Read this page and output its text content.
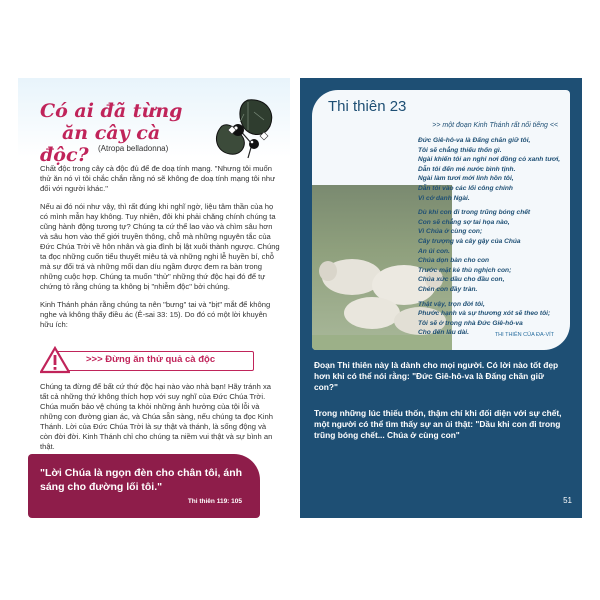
Có ai đã từng
ăn cây cà độc?	(Atropa belladonna)

Chất độc trong cây cà độc đủ để đe doạ tính mạng. "Nhưng tôi muốn thử ăn nó vì tôi chắc chắn rằng nó sẽ không đe doạ tính mạng tôi như đối với người khác."

Nếu ai đó nói như vậy, thì rất đúng khi nghĩ ngờ, liệu tâm thần của họ có mình mẫn hay không. Tuy nhiên, đôi khi phải chăng chính chúng ta cũng hành động tương tự? Chúng ta cứ thể lao vào và chìm sâu hơn và sâu hơn vào thế giới truyền thông, chỗ mà những nguyên tắc của Đức Chúa Trời về hôn nhân và gia đình bị lật xuôi thành ngược. Chúng ta đọc những cuốn tiểu thuyết miêu tả và những nghi lễ huyền bí, chỗ mà sự đổi trá và những mối dan díu ngầm được đem ra bàn trong những cuộc hợp. Chúng ta muốn "thử" những thứ độc hại đó để tự chứng tỏ rằng chúng ta không bị "nhiễm độc" bởi chúng.

Kinh Thánh phán rằng chúng ta nên "bưng" tai và "bịt" mắt để không nghe và không thấy điều ác (Ê-sai 33: 15). Do đó có một lời khuyên hữu ích:

>>> Đừng ăn thử quả cà độc

Chúng ta đừng để bất cứ thứ độc hại nào vào nhà bạn! Hãy tránh xa tất cả những thứ không thích hợp với suy nghĩ của Đức Chúa Trời. Chúa muốn bảo vệ chúng ta khỏi những ảnh hưởng của tội lỗi và những con đường gian ác, và Chúa sẵn sàng, nếu chúng ta đọc Kinh Thánh. Lời của Đức Chúa Trời là sự thật và thánh, là sống động và còn đời đời. Kinh Thánh chỉ cho chúng ta niềm vui thật và sự bình an thật.

"Lời Chúa là ngọn đèn cho chân tôi, ánh sáng cho đường lối tôi."
Thi thiên 119: 105
Thi thiên 23
>> một đoạn Kinh Thánh rất nổi tiếng <<
Đức Giê-hô-va là Đấng chăn giữ tôi,
Tôi sẽ chẳng thiếu thốn gì.
Ngài khiến tôi an nghỉ nơi đồng cỏ xanh tươi,
Dẫn tôi đến mé nước bình tịnh.
Ngài làm tươi mới linh hồn tôi,
Dẫn tôi vào các lối công chính
Vì cớ danh Ngài.
Dù khi con đi trong trũng bóng chết
Con sẽ chẳng sợ tai họa nào,
Vì Chúa ở cùng con;
Cây trượng và cây gậy của Chúa
An ủi con.
Chúa dọn bàn cho con
Trước mặt kẻ thù nghịch con;
Chúa xức dầu cho đầu con,
Chén con đầy tràn.
Thật vậy, trọn đời tôi,
Phước hạnh và sự thương xót sẽ theo tôi;
Tôi sẽ ở trong nhà Đức Giê-hô-va
Cho đến lâu dài.	THI THIÊN CỦA ĐA-VÍT

Đoạn Thi thiên này là dành cho mọi người. Có lời nào tốt đẹp hơn khi có thể nói rằng: "Đức Giê-hô-va là Đấng chăn giữ con?"

Trong những lúc thiếu thốn, thậm chí khi đối diện với sự chết, một người có thể tìm thấy sự an ủi thật: "Dầu khi con đi trong trũng bóng chết... Chúa ở cùng con"

51
